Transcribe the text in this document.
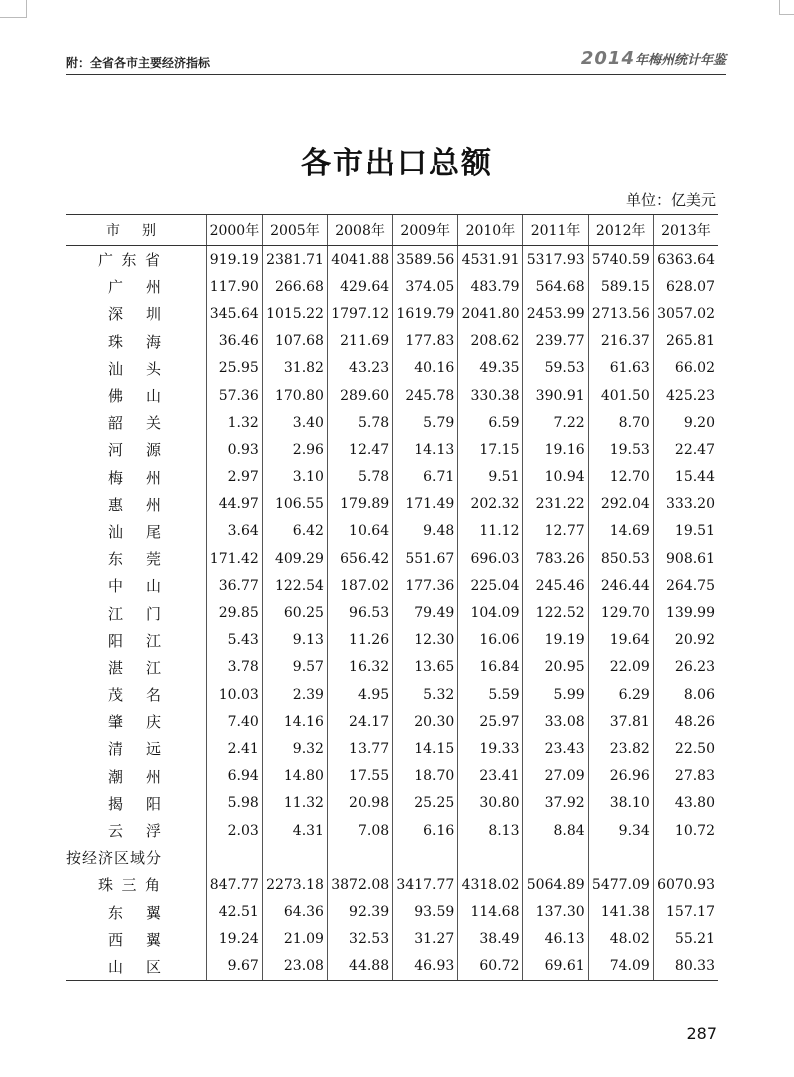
附：全省各市主要经济指标	2014年梅州统计年鉴
各市出口总额
单位：亿美元
市别	2000年	2005年	2008年	2009年	2010年	2011年	2012年	2013年

广 东 省	919.19	2381.71	4041.88	3589.56	4531.91	5317.93	5740.59	6363.64

广 州	117.90	266.68	429.64	374.05	483.79	564.68	589.15	628.07

深 圳	345.64	1015.22	1797.12	1619.79	2041.80	2453.99	2713.56	3057.02

珠 海	36.46	107.68	211.69	177.83	208.62	239.77	216.37	265.81

汕 头	25.95	31.82	43.23	40.16	49.35	59.53	61.63	66.02

佛 山	57.36	170.80	289.60	245.78	330.38	390.91	401.50	425.23

韶 关	1.32	3.40	5.78	5.79	6.59	7.22	8.70	9.20

河 源	0.93	2.96	12.47	14.13	17.15	19.16	19.53	22.47

梅 州	2.97	3.10	5.78	6.71	9.51	10.94	12.70	15.44

惠 州	44.97	106.55	179.89	171.49	202.32	231.22	292.04	333.20

汕 尾	3.64	6.42	10.64	9.48	11.12	12.77	14.69	19.51

东 莞	171.42	409.29	656.42	551.67	696.03	783.26	850.53	908.61

中 山	36.77	122.54	187.02	177.36	225.04	245.46	246.44	264.75

江 门	29.85	60.25	96.53	79.49	104.09	122.52	129.70	139.99

阳 江	5.43	9.13	11.26	12.30	16.06	19.19	19.64	20.92

湛 江	3.78	9.57	16.32	13.65	16.84	20.95	22.09	26.23

茂 名	10.03	2.39	4.95	5.32	5.59	5.99	6.29	8.06

肇 庆	7.40	14.16	24.17	20.30	25.97	33.08	37.81	48.26

清 远	2.41	9.32	13.77	14.15	19.33	23.43	23.82	22.50

潮 州	6.94	14.80	17.55	18.70	23.41	27.09	26.96	27.83

揭 阳	5.98	11.32	20.98	25.25	30.80	37.92	38.10	43.80

云 浮	2.03	4.31	7.08	6.16	8.13	8.84	9.34	10.72
按经济区域分								

珠 三 角	847.77	2273.18	3872.08	3417.77	4318.02	5064.89	5477.09	6070.93

东 翼	42.51	64.36	92.39	93.59	114.68	137.30	141.38	157.17

西 翼	19.24	21.09	32.53	31.27	38.49	46.13	48.02	55.21

山 区	9.67	23.08	44.88	46.93	60.72	69.61	74.09	80.33
287
